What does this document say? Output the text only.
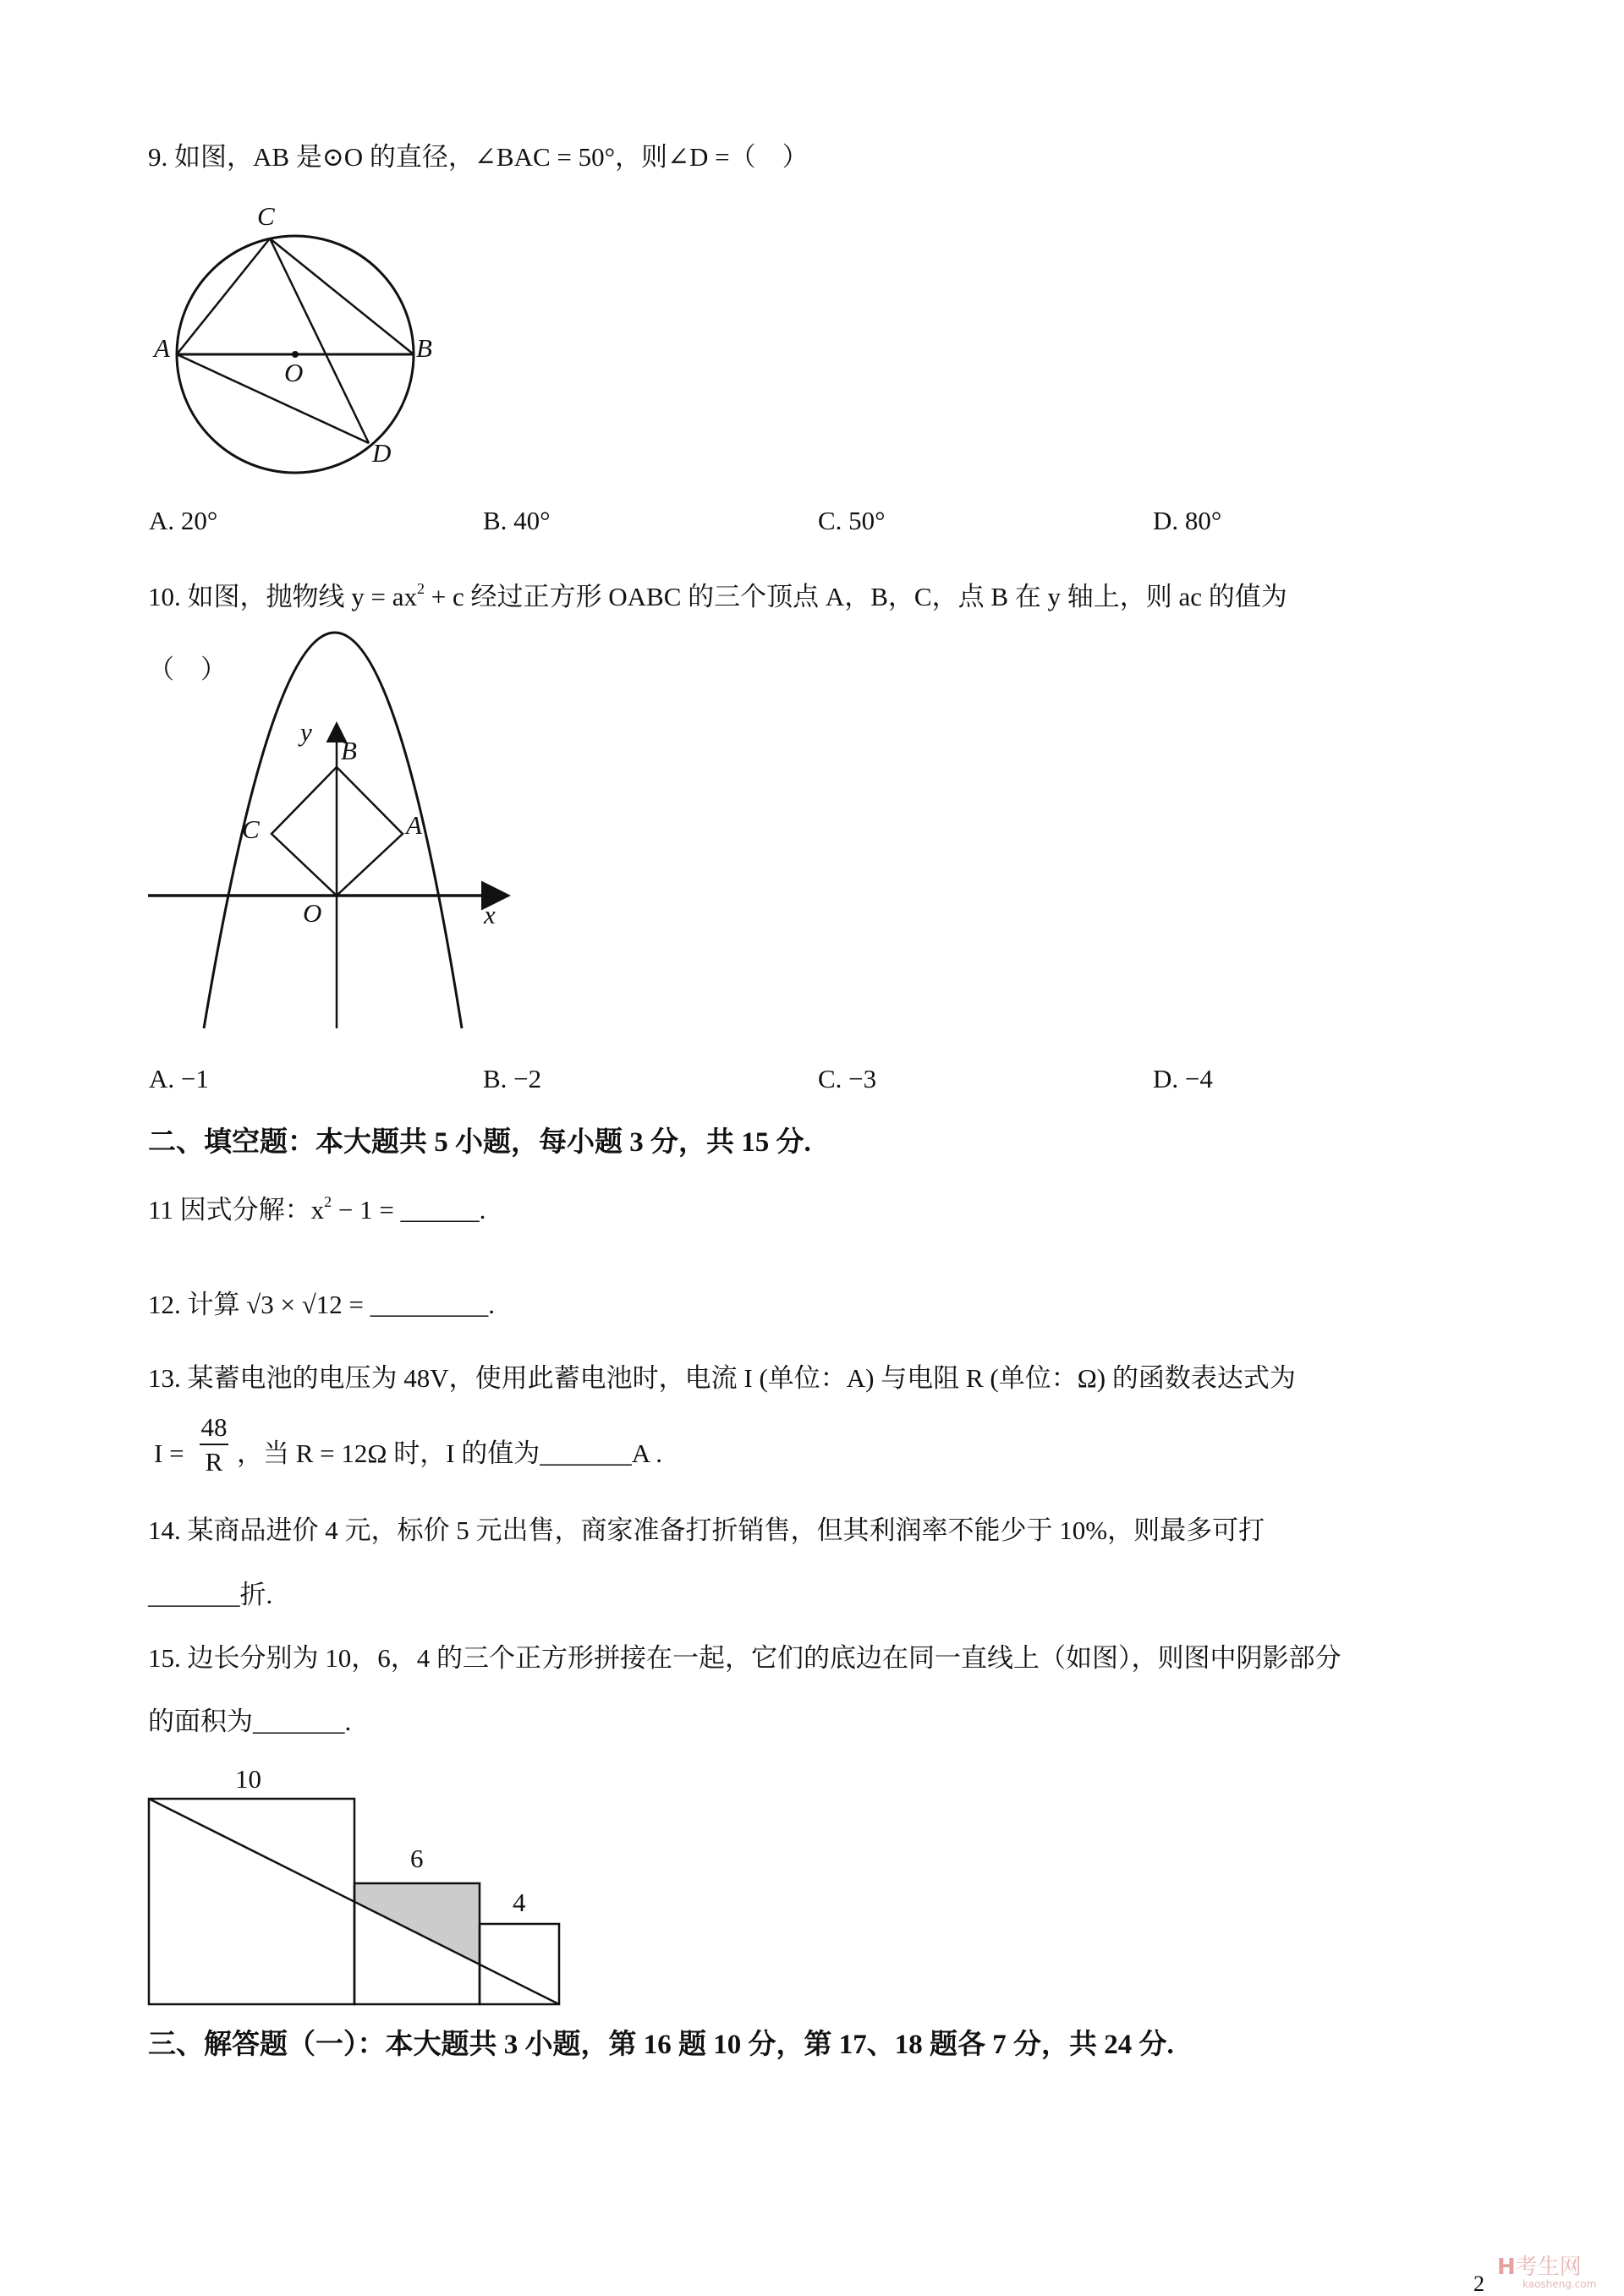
9. 如图，AB 是⊙O 的直径，∠BAC = 50°，则∠D =（　）
C
A	B
O
D
A. 20°	B. 40°	C. 50°	D. 80°
10. 如图，抛物线 $y = ax^2 + c$ 经过正方形 OABC 的三个顶点 A，B，C，点 B 在 y 轴上，则 ac 的值为
（　）
y
B
C	A
O	x
A. −1	B. −2	C. −3	D. −4
二、填空题：本大题共 5 小题，每小题 3 分，共 15 分.
11 因式分解：$x^2 - 1$ = ______.
12. 计算 √3 × √12 = _________.
13. 某蓄电池的电压为 48V，使用此蓄电池时，电流 I (单位：A) 与电阻 R (单位：Ω) 的函数表达式为
I =
48
R ，当 R = 12Ω 时，I 的值为_______A .
14. 某商品进价 4 元，标价 5 元出售，商家准备打折销售，但其利润率不能少于 10%，则最多可打
_______折.
15. 边长分别为 10，6，4 的三个正方形拼接在一起，它们的底边在同一直线上（如图），则图中阴影部分
的面积为_______.
10
6
4
三、解答题（一）：本大题共 3 小题，第 16 题 10 分，第 17、18 题各 7 分，共 24 分.
2
H考生网
kaosheng.com
